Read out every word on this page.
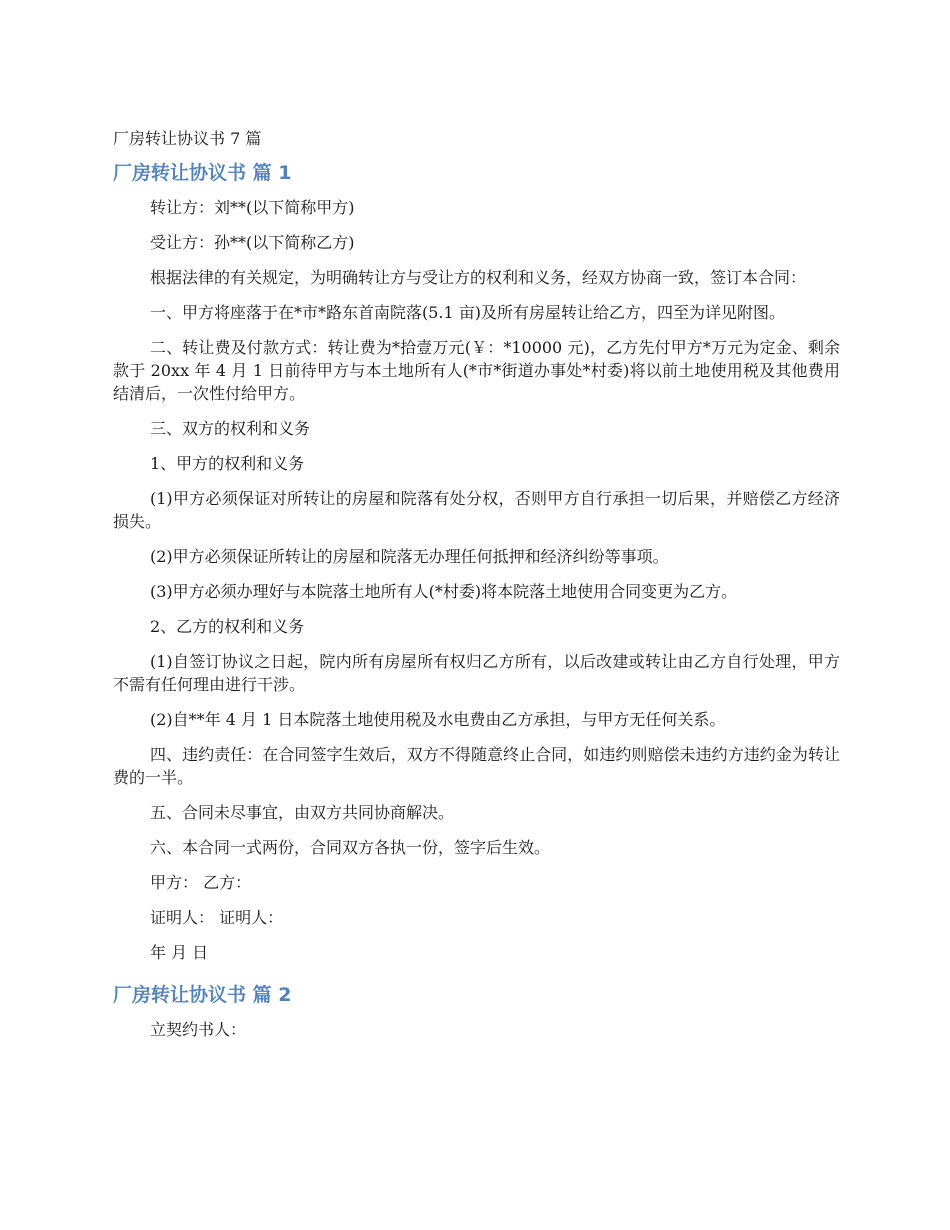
厂房转让协议书 7 篇
厂房转让协议书 篇 1

转让方：刘**(以下简称甲方)

受让方：孙**(以下简称乙方)

根据法律的有关规定，为明确转让方与受让方的权利和义务，经双方协商一致，签订本合同：

一、甲方将座落于在*市*路东首南院落(5.1 亩)及所有房屋转让给乙方，四至为详见附图。

二、转让费及付款方式：转让费为*拾壹万元(￥：*10000 元)，乙方先付甲方*万元为定金、剩余款于 20xx 年 4 月 1 日前待甲方与本土地所有人(*市*街道办事处*村委)将以前土地使用税及其他费用结清后，一次性付给甲方。

三、双方的权利和义务

1、甲方的权利和义务

(1)甲方必须保证对所转让的房屋和院落有处分权，否则甲方自行承担一切后果，并赔偿乙方经济损失。

(2)甲方必须保证所转让的房屋和院落无办理任何抵押和经济纠纷等事项。

(3)甲方必须办理好与本院落土地所有人(*村委)将本院落土地使用合同变更为乙方。

2、乙方的权利和义务

(1)自签订协议之日起，院内所有房屋所有权归乙方所有，以后改建或转让由乙方自行处理，甲方不需有任何理由进行干涉。

(2)自**年 4 月 1 日本院落土地使用税及水电费由乙方承担，与甲方无任何关系。

四、违约责任：在合同签字生效后，双方不得随意终止合同，如违约则赔偿未违约方违约金为转让费的一半。

五、合同未尽事宜，由双方共同协商解决。

六、本合同一式两份，合同双方各执一份，签字后生效。

甲方： 乙方：

证明人： 证明人：

年 月 日

厂房转让协议书 篇 2

立契约书人：
